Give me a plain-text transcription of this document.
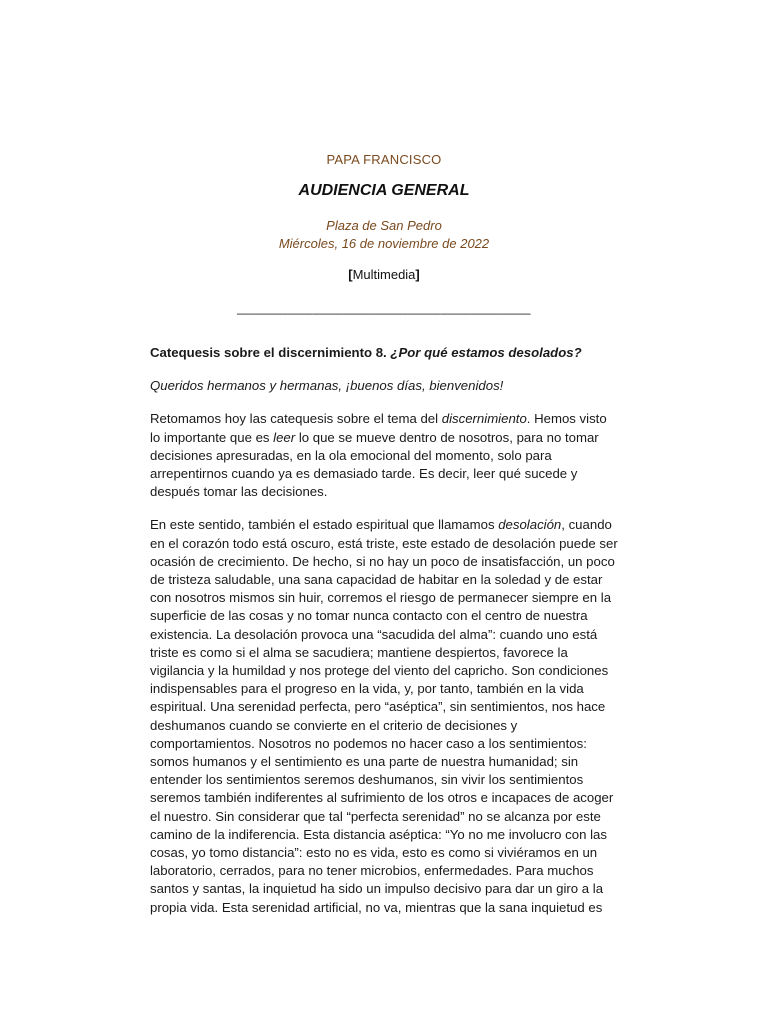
PAPA FRANCISCO
AUDIENCIA GENERAL
Plaza de San Pedro
Miércoles, 16 de noviembre de 2022
[Multimedia]
_______________________________________

Catequesis sobre el discernimiento 8. ¿Por qué estamos desolados?

Queridos hermanos y hermanas, ¡buenos días, bienvenidos!

Retomamos hoy las catequesis sobre el tema del discernimiento. Hemos visto lo importante que es leer lo que se mueve dentro de nosotros, para no tomar decisiones apresuradas, en la ola emocional del momento, solo para arrepentirnos cuando ya es demasiado tarde. Es decir, leer qué sucede y después tomar las decisiones.

En este sentido, también el estado espiritual que llamamos desolación, cuando en el corazón todo está oscuro, está triste, este estado de desolación puede ser ocasión de crecimiento. De hecho, si no hay un poco de insatisfacción, un poco de tristeza saludable, una sana capacidad de habitar en la soledad y de estar con nosotros mismos sin huir, corremos el riesgo de permanecer siempre en la superficie de las cosas y no tomar nunca contacto con el centro de nuestra existencia. La desolación provoca una “sacudida del alma”: cuando uno está triste es como si el alma se sacudiera; mantiene despiertos, favorece la vigilancia y la humildad y nos protege del viento del capricho. Son condiciones indispensables para el progreso en la vida, y, por tanto, también en la vida espiritual. Una serenidad perfecta, pero “aséptica”, sin sentimientos, nos hace deshumanos cuando se convierte en el criterio de decisiones y comportamientos. Nosotros no podemos no hacer caso a los sentimientos: somos humanos y el sentimiento es una parte de nuestra humanidad; sin entender los sentimientos seremos deshumanos, sin vivir los sentimientos seremos también indiferentes al sufrimiento de los otros e incapaces de acoger el nuestro. Sin considerar que tal “perfecta serenidad” no se alcanza por este camino de la indiferencia. Esta distancia aséptica: “Yo no me involucro con las cosas, yo tomo distancia”: esto no es vida, esto es como si viviéramos en un laboratorio, cerrados, para no tener microbios, enfermedades. Para muchos santos y santas, la inquietud ha sido un impulso decisivo para dar un giro a la propia vida. Esta serenidad artificial, no va, mientras que la sana inquietud es
